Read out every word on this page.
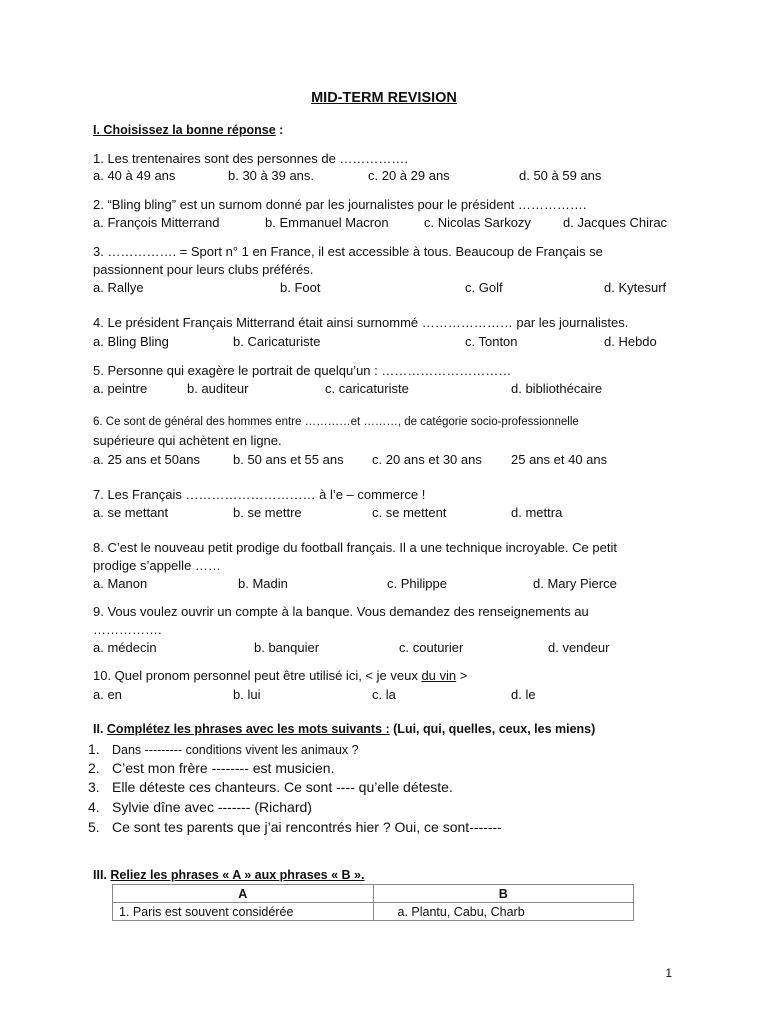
MID-TERM REVISION
I. Choisissez la bonne réponse :
1. Les trentenaires sont des personnes de …………….
a. 40 à 49 ans	b. 30 à 39 ans.	c. 20 à 29 ans	d. 50 à 59 ans
2. “Bling bling” est un surnom donné par les journalistes pour le président …………….
a. François Mitterrand	b. Emmanuel Macron	c. Nicolas Sarkozy d. Jacques Chirac
3. ……………. = Sport n° 1 en France, il est accessible à tous. Beaucoup de Français se
passionnent pour leurs clubs préférés.
a. Rallye	b. Foot	c. Golf	d. Kytesurf
4. Le président Français Mitterrand était ainsi surnommé ………………… par les journalistes.
a. Bling Bling	b. Caricaturiste	c. Tonton	d. Hebdo
5. Personne qui exagère le portrait de quelqu’un : …………………………
a. peintre	b. auditeur	c. caricaturiste	d. bibliothécaire
6. Ce sont de général des hommes entre …………et ………, de catégorie socio-professionnelle
supérieure qui achètent en ligne.
a. 25 ans et 50ans	b. 50 ans et 55 ans c. 20 ans et 30 ans 25 ans et 40 ans
7. Les Français ………………………… à l’e – commerce !
a. se mettant	b. se mettre	c. se mettent	d. mettra
8. C’est le nouveau petit prodige du football français. Il a une technique incroyable. Ce petit
prodige s’appelle ……
a. Manon	b. Madin	c. Philippe	d. Mary Pierce
9. Vous voulez ouvrir un compte à la banque. Vous demandez des renseignements au
…………….
a. médecin	b. banquier	c. couturier	d. vendeur
10. Quel pronom personnel peut être utilisé ici, < je veux du vin >
a. en	b. lui	c. la	d. le
II. Complétez les phrases avec les mots suivants : (Lui, qui, quelles, ceux, les miens)
1. Dans --------- conditions vivent les animaux ?
2. C’est mon frère -------- est musicien.
3. Elle déteste ces chanteurs. Ce sont ---- qu’elle déteste.
4. Sylvie dîne avec ------- (Richard)
5. Ce sont tes parents que j’ai rencontrés hier ? Oui, ce sont-------
III. Reliez les phrases « A » aux phrases « B ».
A	B
1. Paris est souvent considérée	a. Plantu, Cabu, Charb
1
